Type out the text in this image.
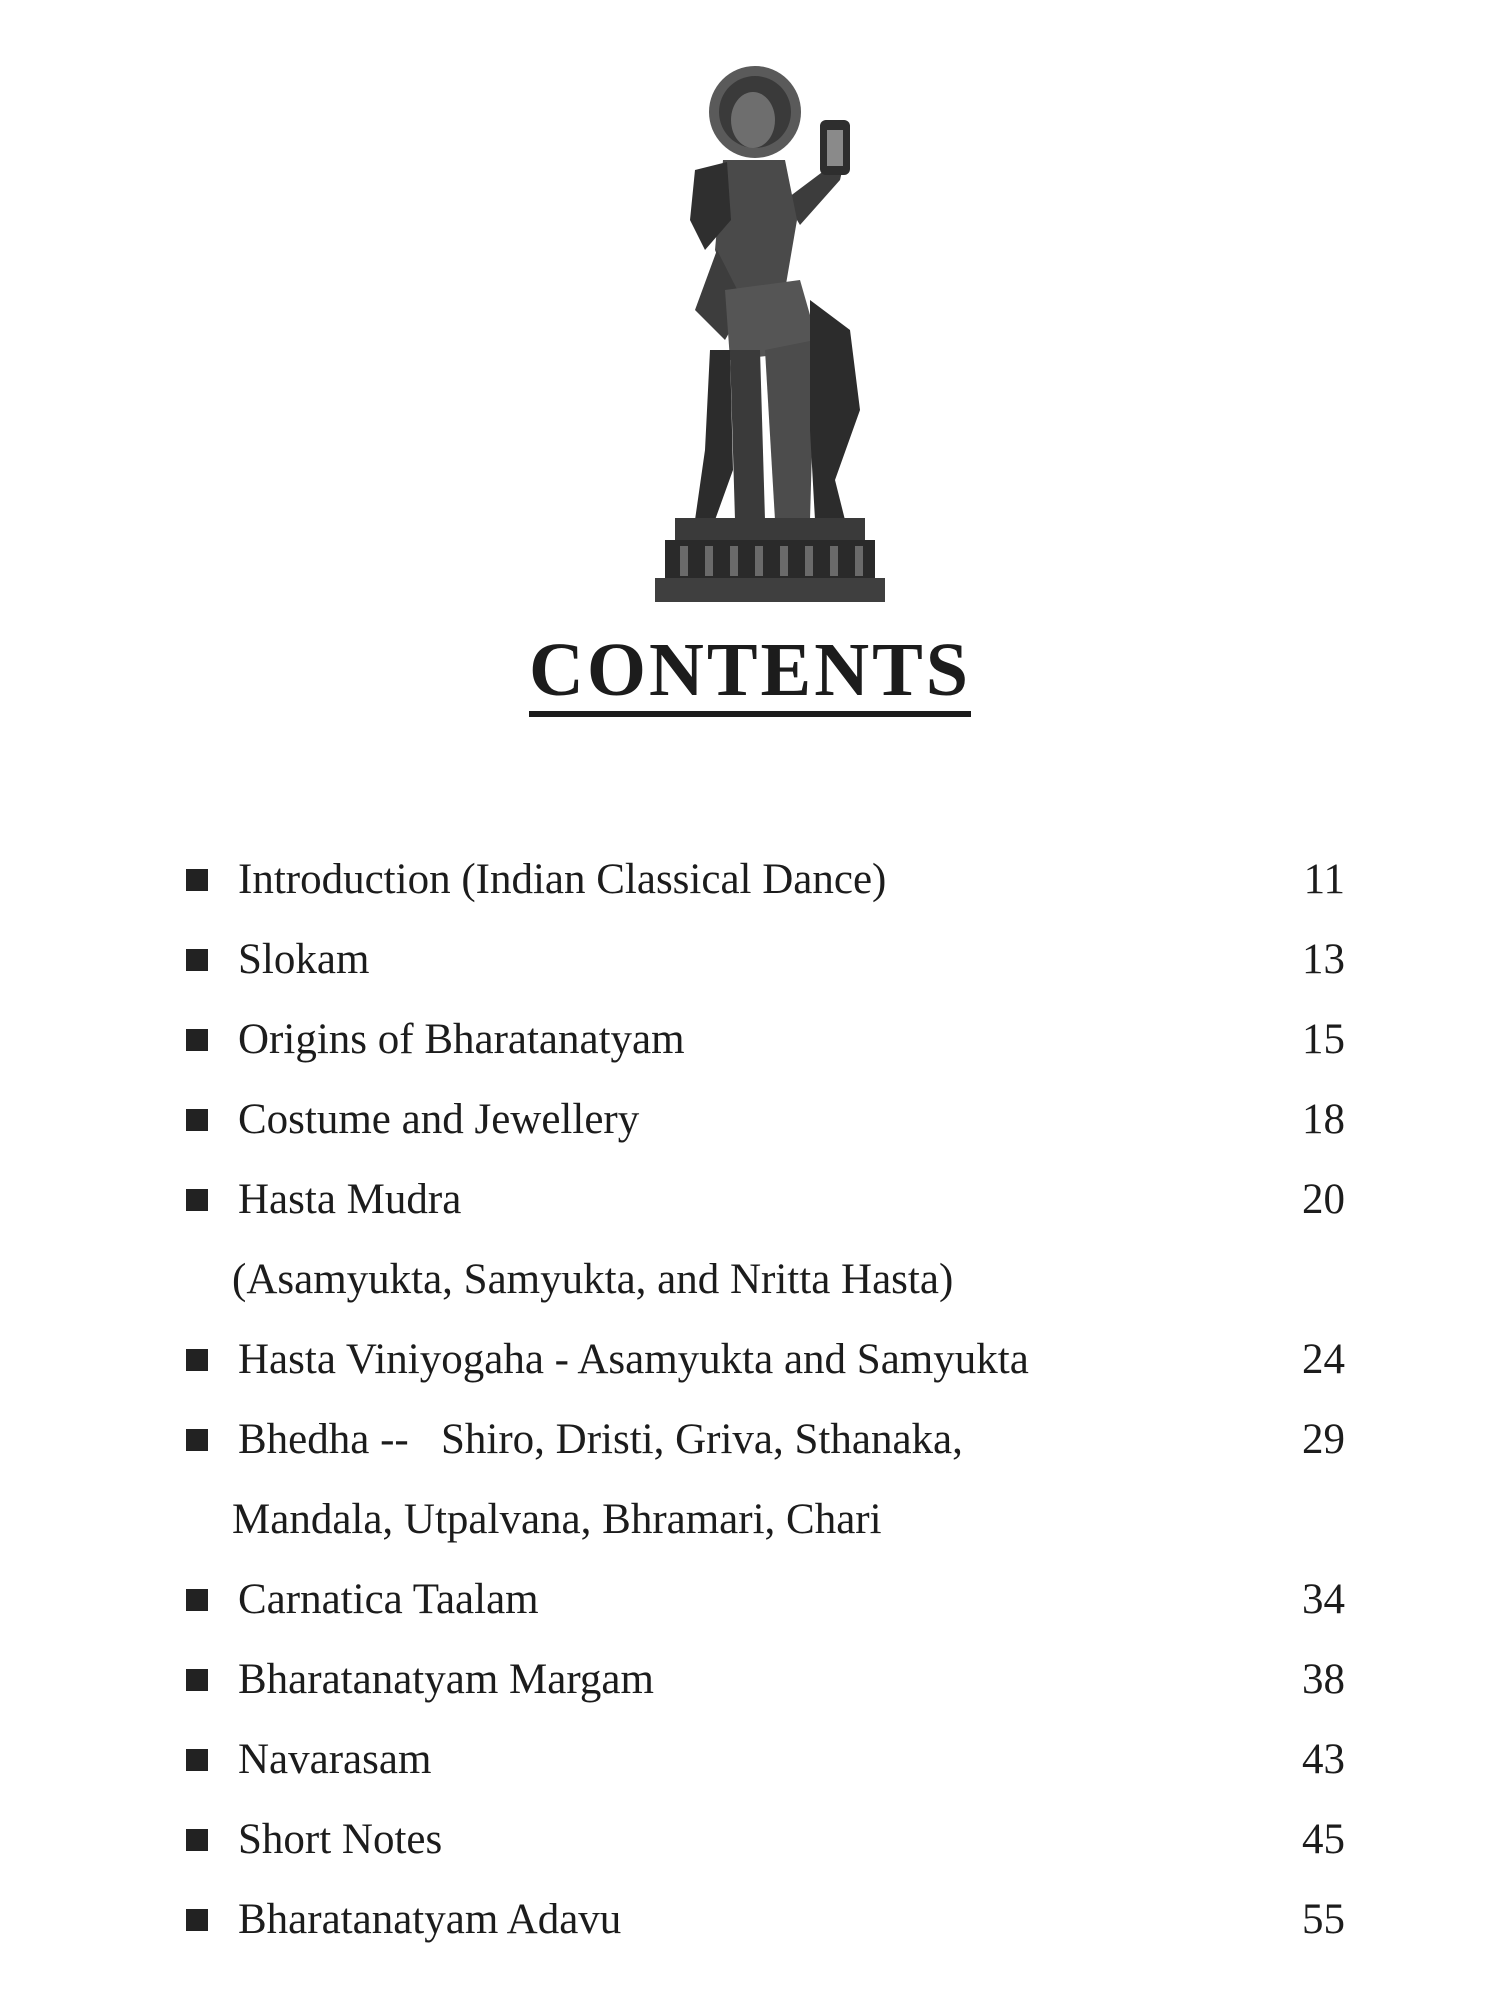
CONTENTS
Introduction (Indian Classical Dance)	11
Slokam	13
Origins of Bharatanatyam	15
Costume and Jewellery	18
Hasta Mudra	20
(Asamyukta, Samyukta, and Nritta Hasta)
Hasta Viniyogaha - Asamyukta and Samyukta	24
Bhedha --   Shiro, Dristi, Griva, Sthanaka,	29
Mandala, Utpalvana, Bhramari, Chari
Carnatica Taalam	34
Bharatanatyam Margam	38
Navarasam	43
Short Notes	45
Bharatanatyam Adavu	55
